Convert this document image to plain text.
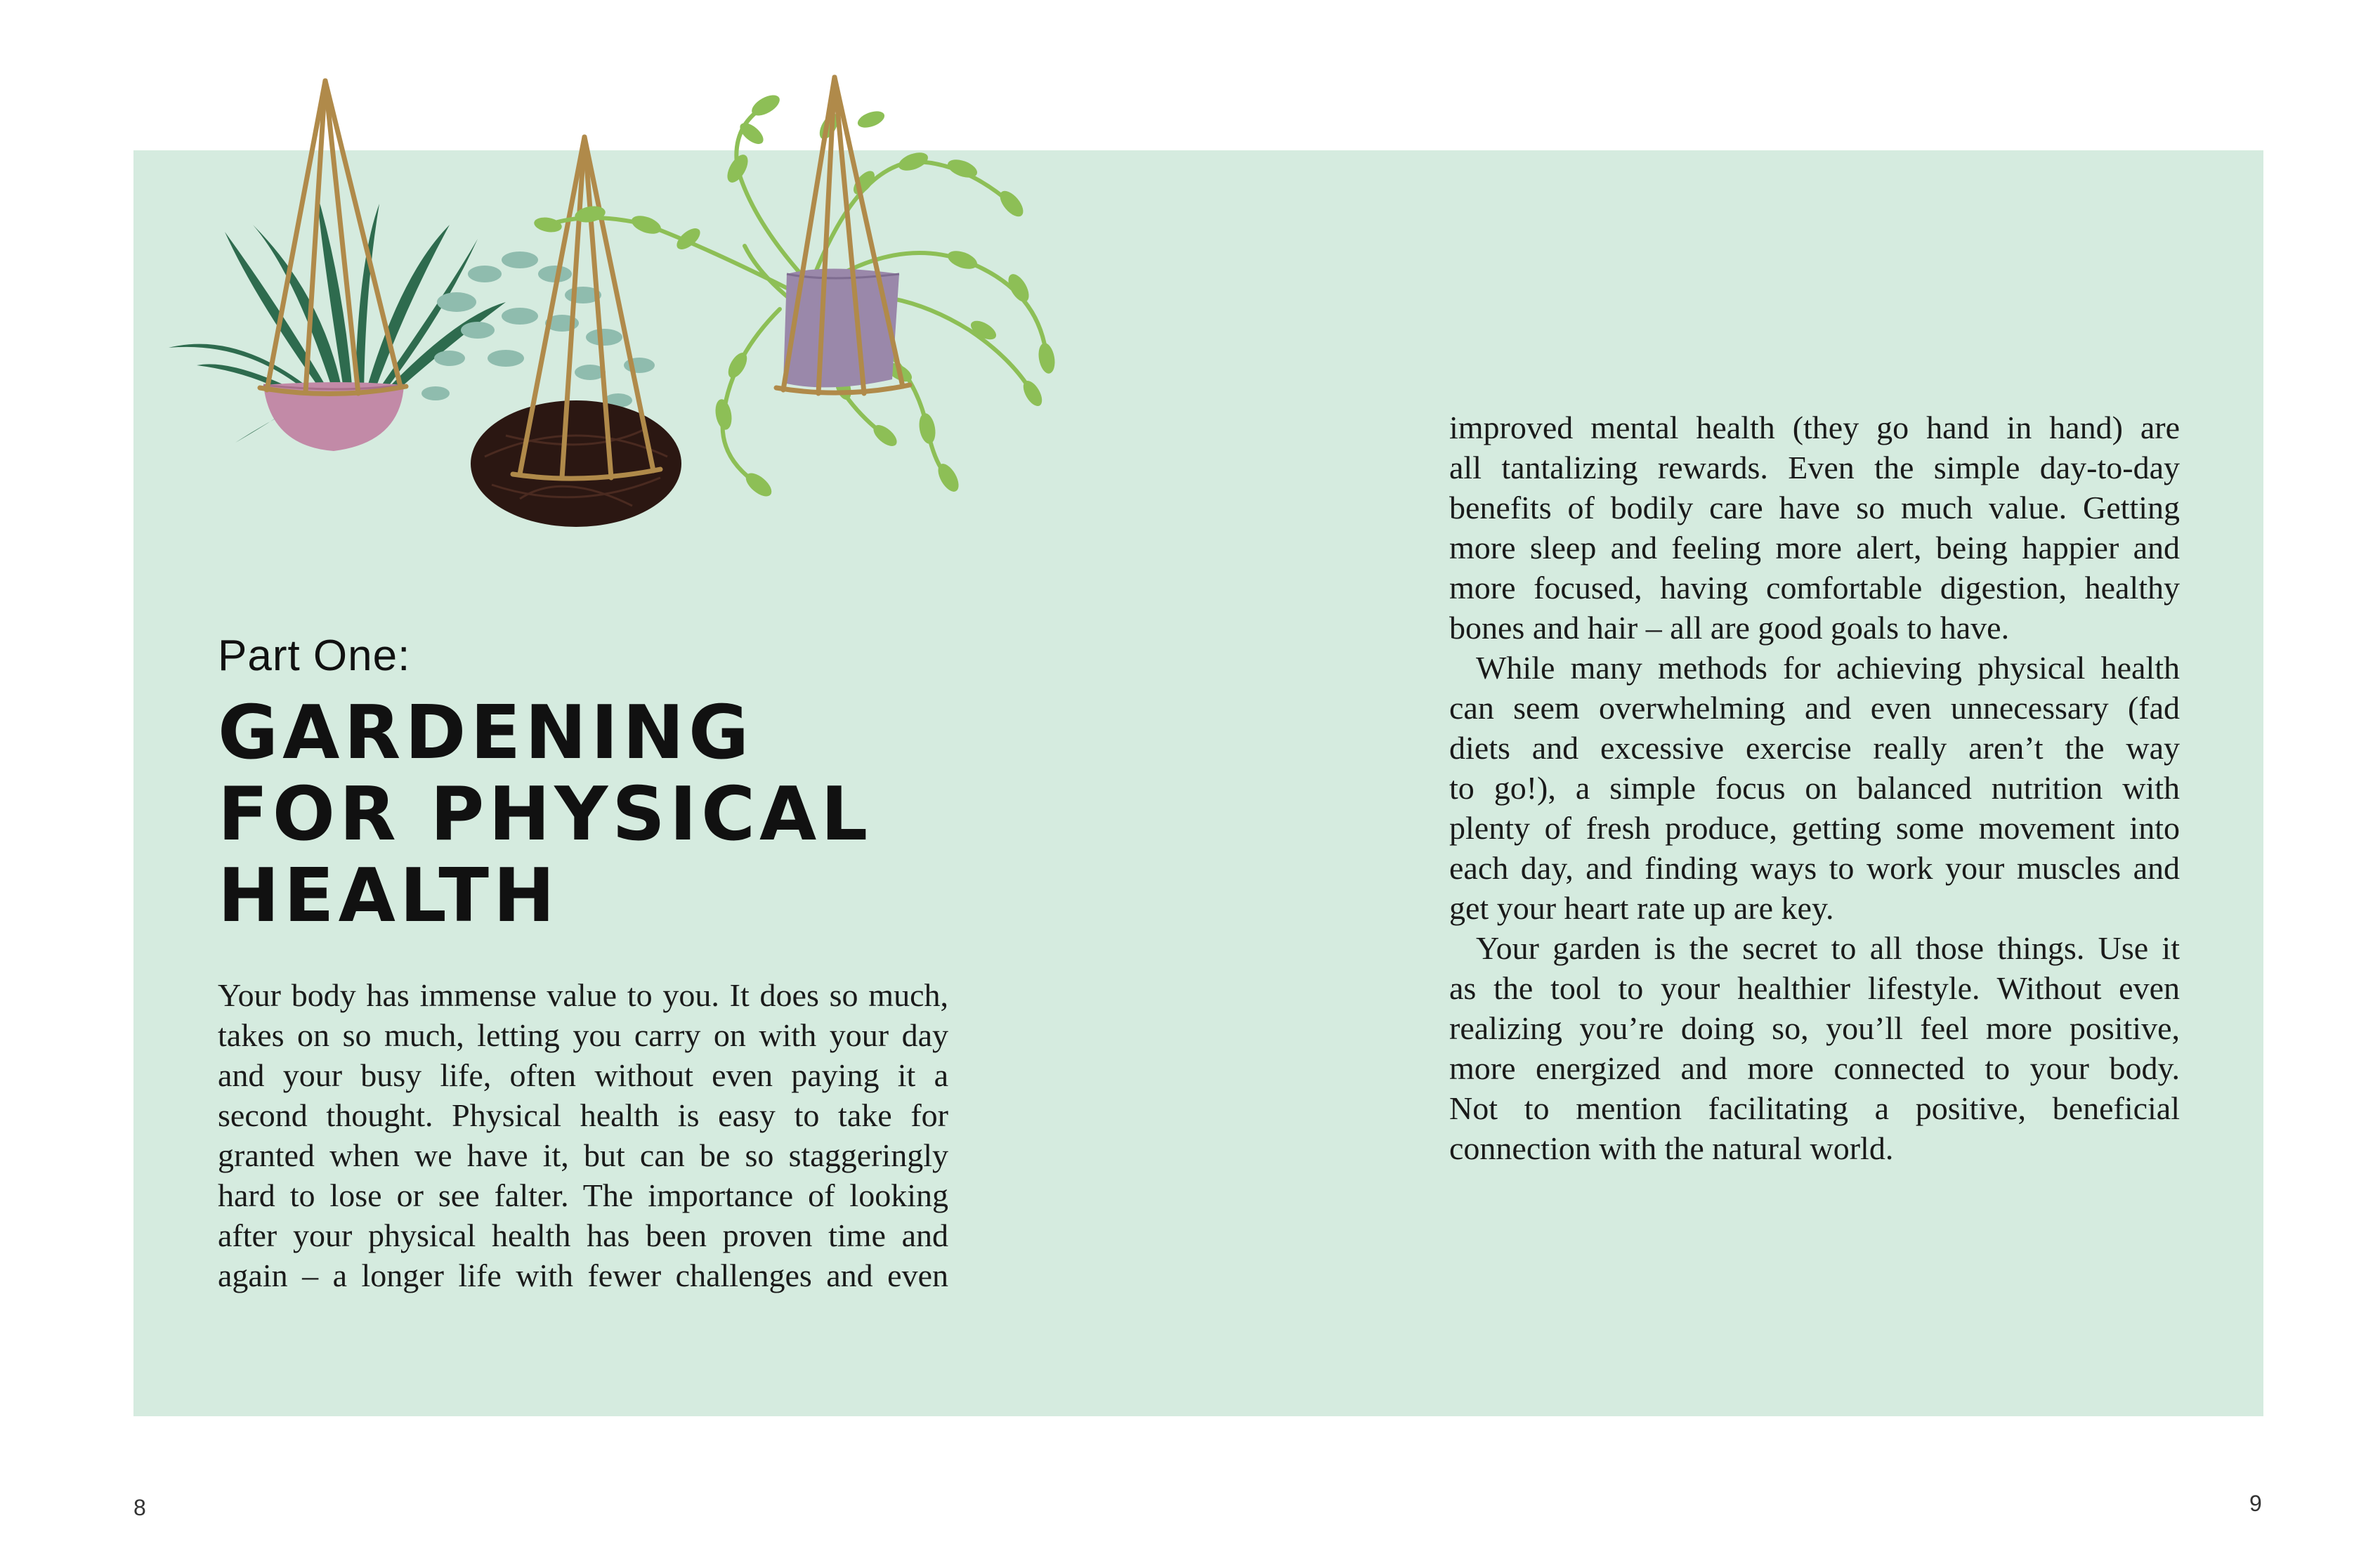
Part One:
GARDENING
FOR PHYSICAL
HEALTH
Your body has immense value to you. It does so much,
takes on so much, letting you carry on with your day
and your busy life, often without even paying it a
second thought. Physical health is easy to take for
granted when we have it, but can be so staggeringly
hard to lose or see falter. The importance of looking
after your physical health has been proven time and
again – a longer life with fewer challenges and even
improved mental health (they go hand in hand) are
all tantalizing rewards. Even the simple day-to-day
benefits of bodily care have so much value. Getting
more sleep and feeling more alert, being happier and
more focused, having comfortable digestion, healthy
bones and hair – all are good goals to have.
While many methods for achieving physical health
can seem overwhelming and even unnecessary (fad
diets and excessive exercise really aren’t the way
to go!), a simple focus on balanced nutrition with
plenty of fresh produce, getting some movement into
each day, and finding ways to work your muscles and
get your heart rate up are key.
Your garden is the secret to all those things. Use it
as the tool to your healthier lifestyle. Without even
realizing you’re doing so, you’ll feel more positive,
more energized and more connected to your body.
Not to mention facilitating a positive, beneficial
connection with the natural world.
8	9
